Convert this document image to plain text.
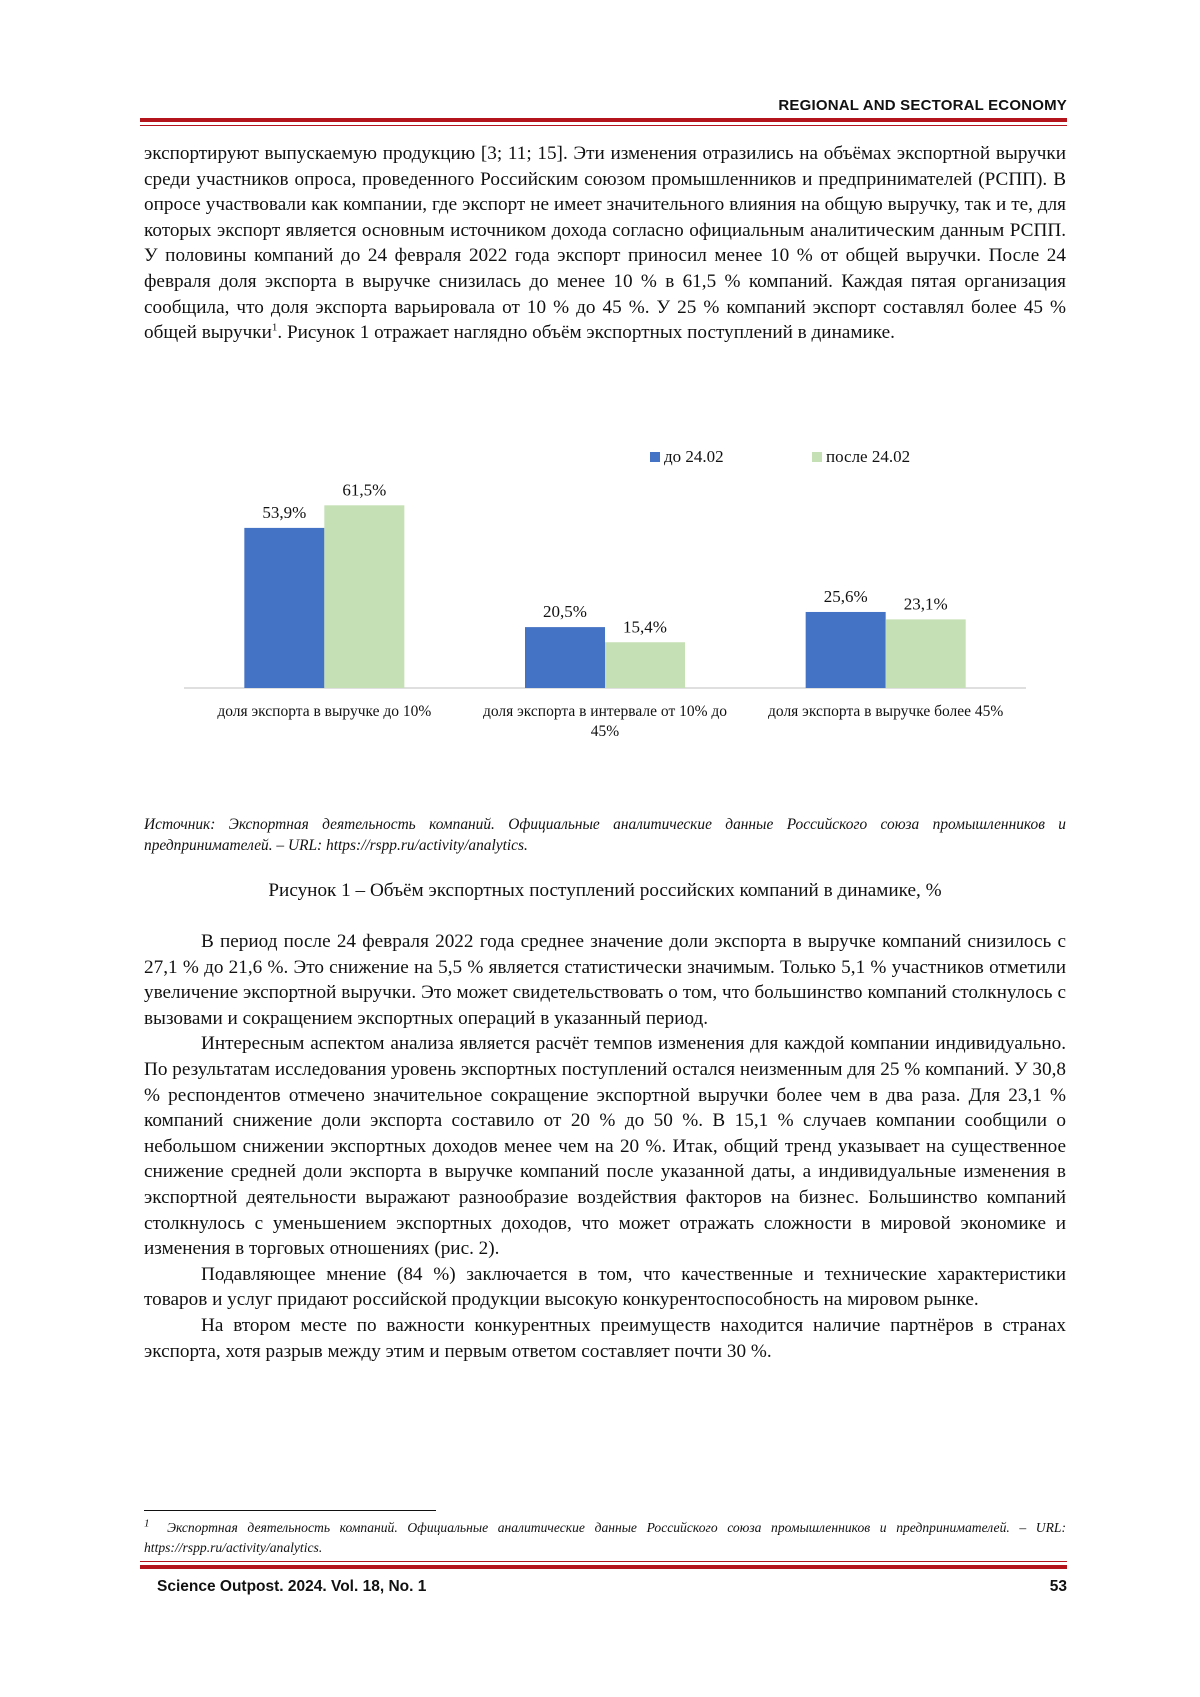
REGIONAL AND SECTORAL ECONOMY

экспортируют выпускаемую продукцию [3; 11; 15]. Эти изменения отразились на объёмах экспортной выручки среди участников опроса, проведенного Российским союзом промышленников и предпринимателей (РСПП). В опросе участвовали как компании, где экспорт не имеет значительного влияния на общую выручку, так и те, для которых экспорт является основным источником дохода согласно официальным аналитическим данным РСПП. У половины компаний до 24 февраля 2022 года экспорт приносил менее 10 % от общей выручки. После 24 февраля доля экспорта в выручке снизилась до менее 10 % в 61,5 % компаний. Каждая пятая организация сообщила, что доля экспорта варьировала от 10 % до 45 %. У 25 % компаний экспорт составлял более 45 % общей выручки$^1$. Рисунок 1 отражает наглядно объём экспортных поступлений в динамике.

53,9%
61,5%
доля экспорта в выручке до 10%
20,5%
15,4%
доля экспорта в интервале от 10% до
45%
25,6% 23,1%
доля экспорта в выручке более 45%
до 24.02	после 24.02
Источник: Экспортная деятельность компаний. Официальные аналитические данные Российского союза промышленников и предпринимателей. – URL: https://rspp.ru/activity/analytics.
Рисунок 1 – Объём экспортных поступлений российских компаний в динамике, %

В период после 24 февраля 2022 года среднее значение доли экспорта в выручке компаний снизилось с 27,1 % до 21,6 %. Это снижение на 5,5 % является статистически значимым. Только 5,1 % участников отметили увеличение экспортной выручки. Это может свидетельствовать о том, что большинство компаний столкнулось с вызовами и сокращением экспортных операций в указанный период.

Интересным аспектом анализа является расчёт темпов изменения для каждой компании индивидуально. По результатам исследования уровень экспортных поступлений остался неизменным для 25 % компаний. У 30,8 % респондентов отмечено значительное сокращение экспортной выручки более чем в два раза. Для 23,1 % компаний снижение доли экспорта составило от 20 % до 50 %. В 15,1 % случаев компании сообщили о небольшом снижении экспортных доходов менее чем на 20 %. Итак, общий тренд указывает на существенное снижение средней доли экспорта в выручке компаний после указанной даты, а индивидуальные изменения в экспортной деятельности выражают разнообразие воздействия факторов на бизнес. Большинство компаний столкнулось с уменьшением экспортных доходов, что может отражать сложности в мировой экономике и изменения в торговых отношениях (рис. 2).

Подавляющее мнение (84 %) заключается в том, что качественные и технические характеристики товаров и услуг придают российской продукции высокую конкурентоспособность на мировом рынке.

На втором месте по важности конкурентных преимуществ находится наличие партнёров в странах экспорта, хотя разрыв между этим и первым ответом составляет почти 30 %.

$^1$ Экспортная деятельность компаний. Официальные аналитические данные Российского союза промышленников и предпринимателей. – URL: https://rspp.ru/activity/analytics.
Science Outpost. 2024. Vol. 18, No. 1	53
